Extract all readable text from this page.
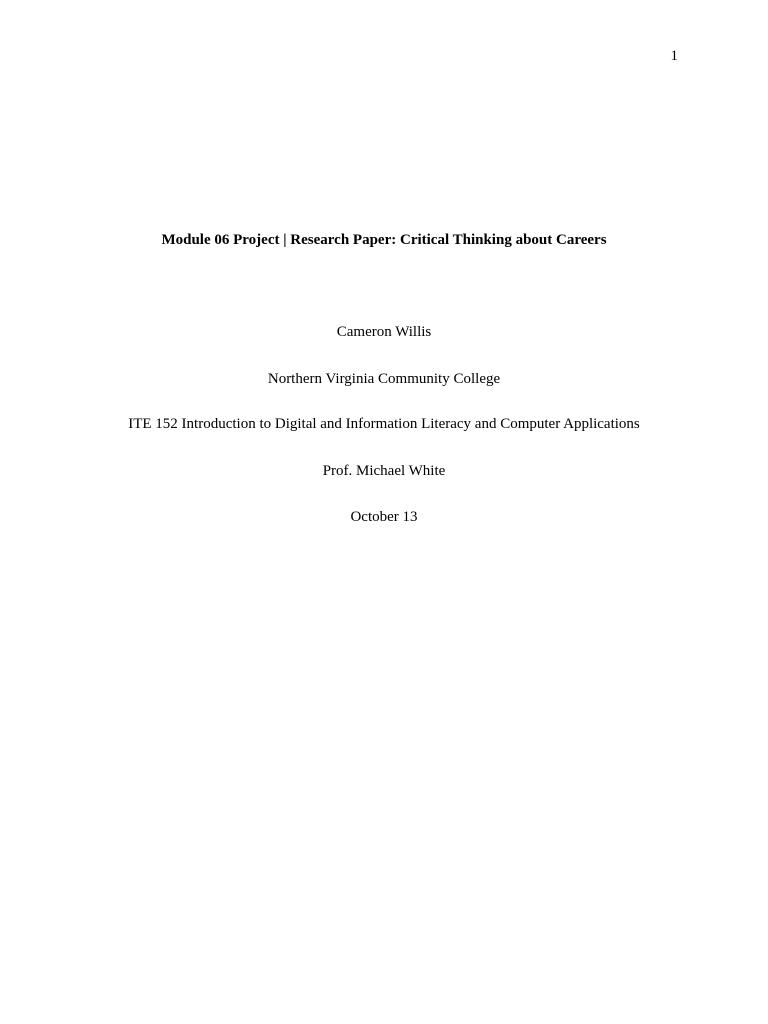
1
Module 06 Project | Research Paper: Critical Thinking about Careers
Cameron Willis
Northern Virginia Community College
ITE 152 Introduction to Digital and Information Literacy and Computer Applications
Prof. Michael White
October 13
